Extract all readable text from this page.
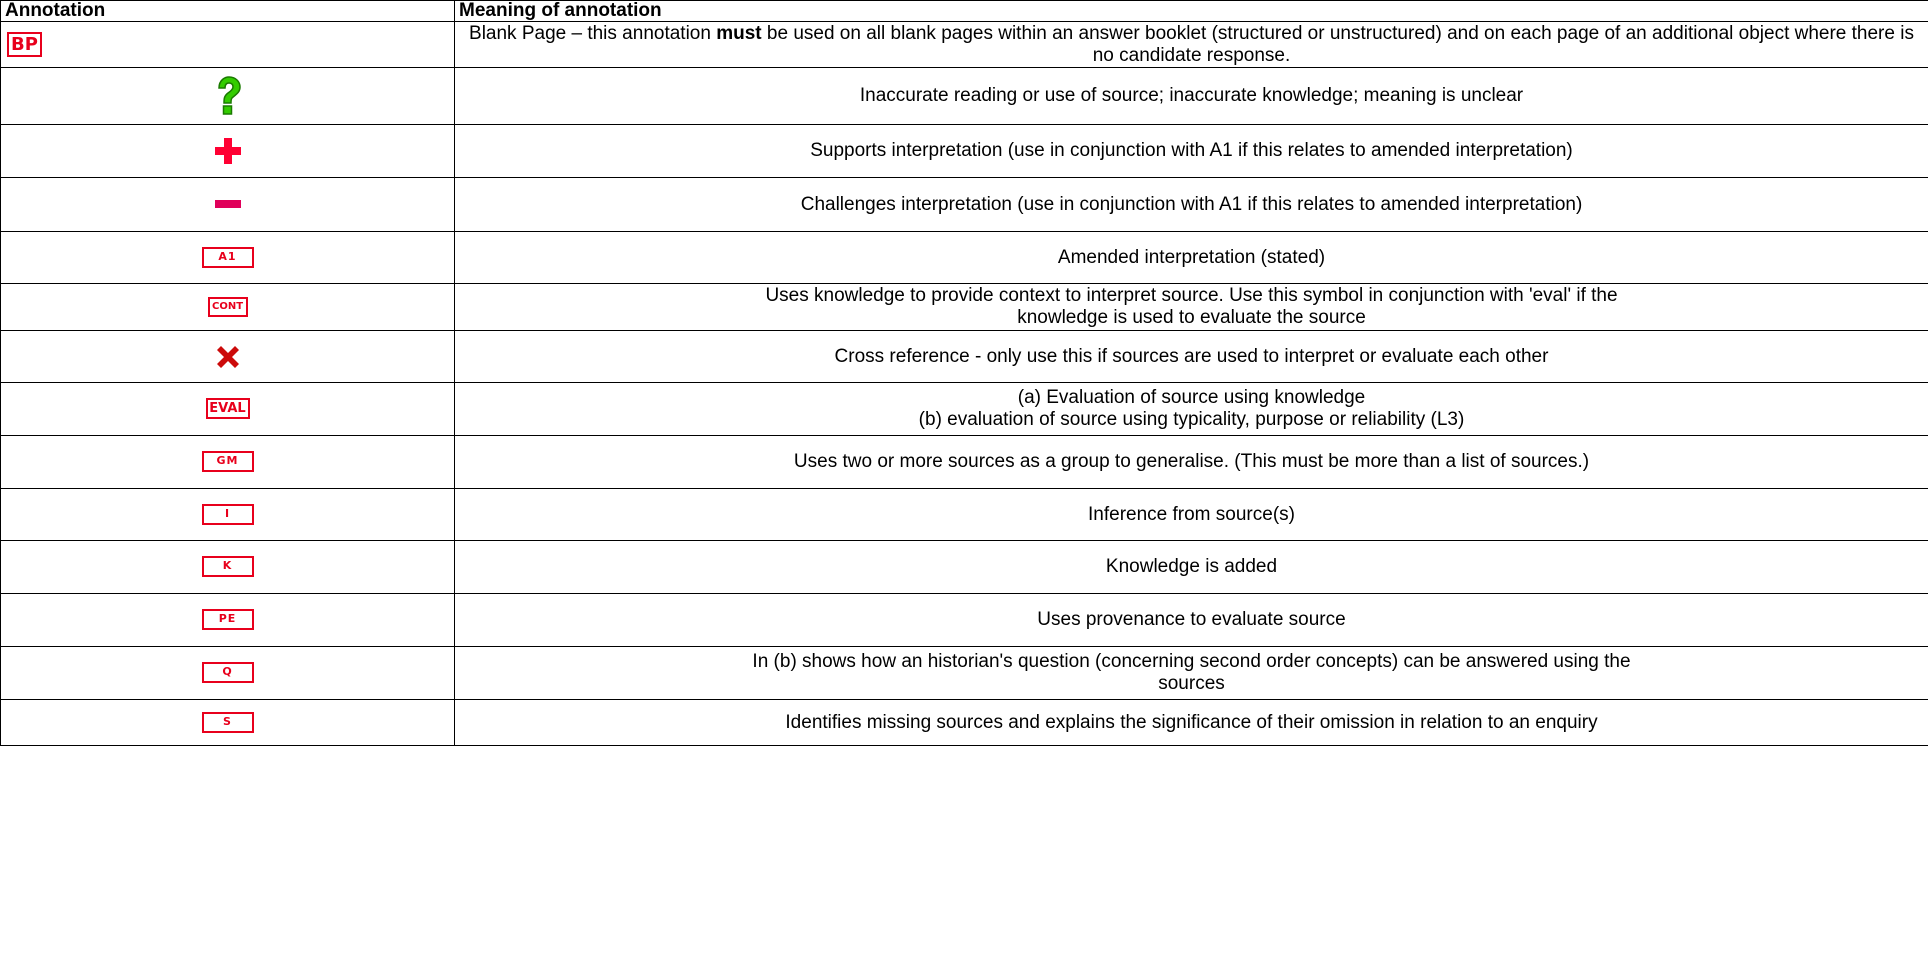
Annotation	Meaning of annotation
BP	Blank Page – this annotation must be used on all blank pages within an answer booklet (structured or unstructured) and on each page of an additional object where there is no candidate response.
	Inaccurate reading or use of source; inaccurate knowledge; meaning is unclear
	Supports interpretation (use in conjunction with A1 if this relates to amended interpretation)
	Challenges interpretation (use in conjunction with A1 if this relates to amended interpretation)
A1	Amended interpretation (stated)
CONT	Uses knowledge to provide context to interpret source. Use this symbol in conjunction with 'eval' if the
knowledge is used to evaluate the source

	Cross reference - only use this if sources are used to interpret or evaluate each other
EVAL	(a) Evaluation of source using knowledge
(b) evaluation of source using typicality, purpose or reliability (L3)

GM	Uses two or more sources as a group to generalise. (This must be more than a list of sources.)
I	Inference from source(s)
K	Knowledge is added
PE	Uses provenance to evaluate source
Q	In (b) shows how an historian's question (concerning second order concepts) can be answered using the
sources

S	Identifies missing sources and explains the significance of their omission in relation to an enquiry
